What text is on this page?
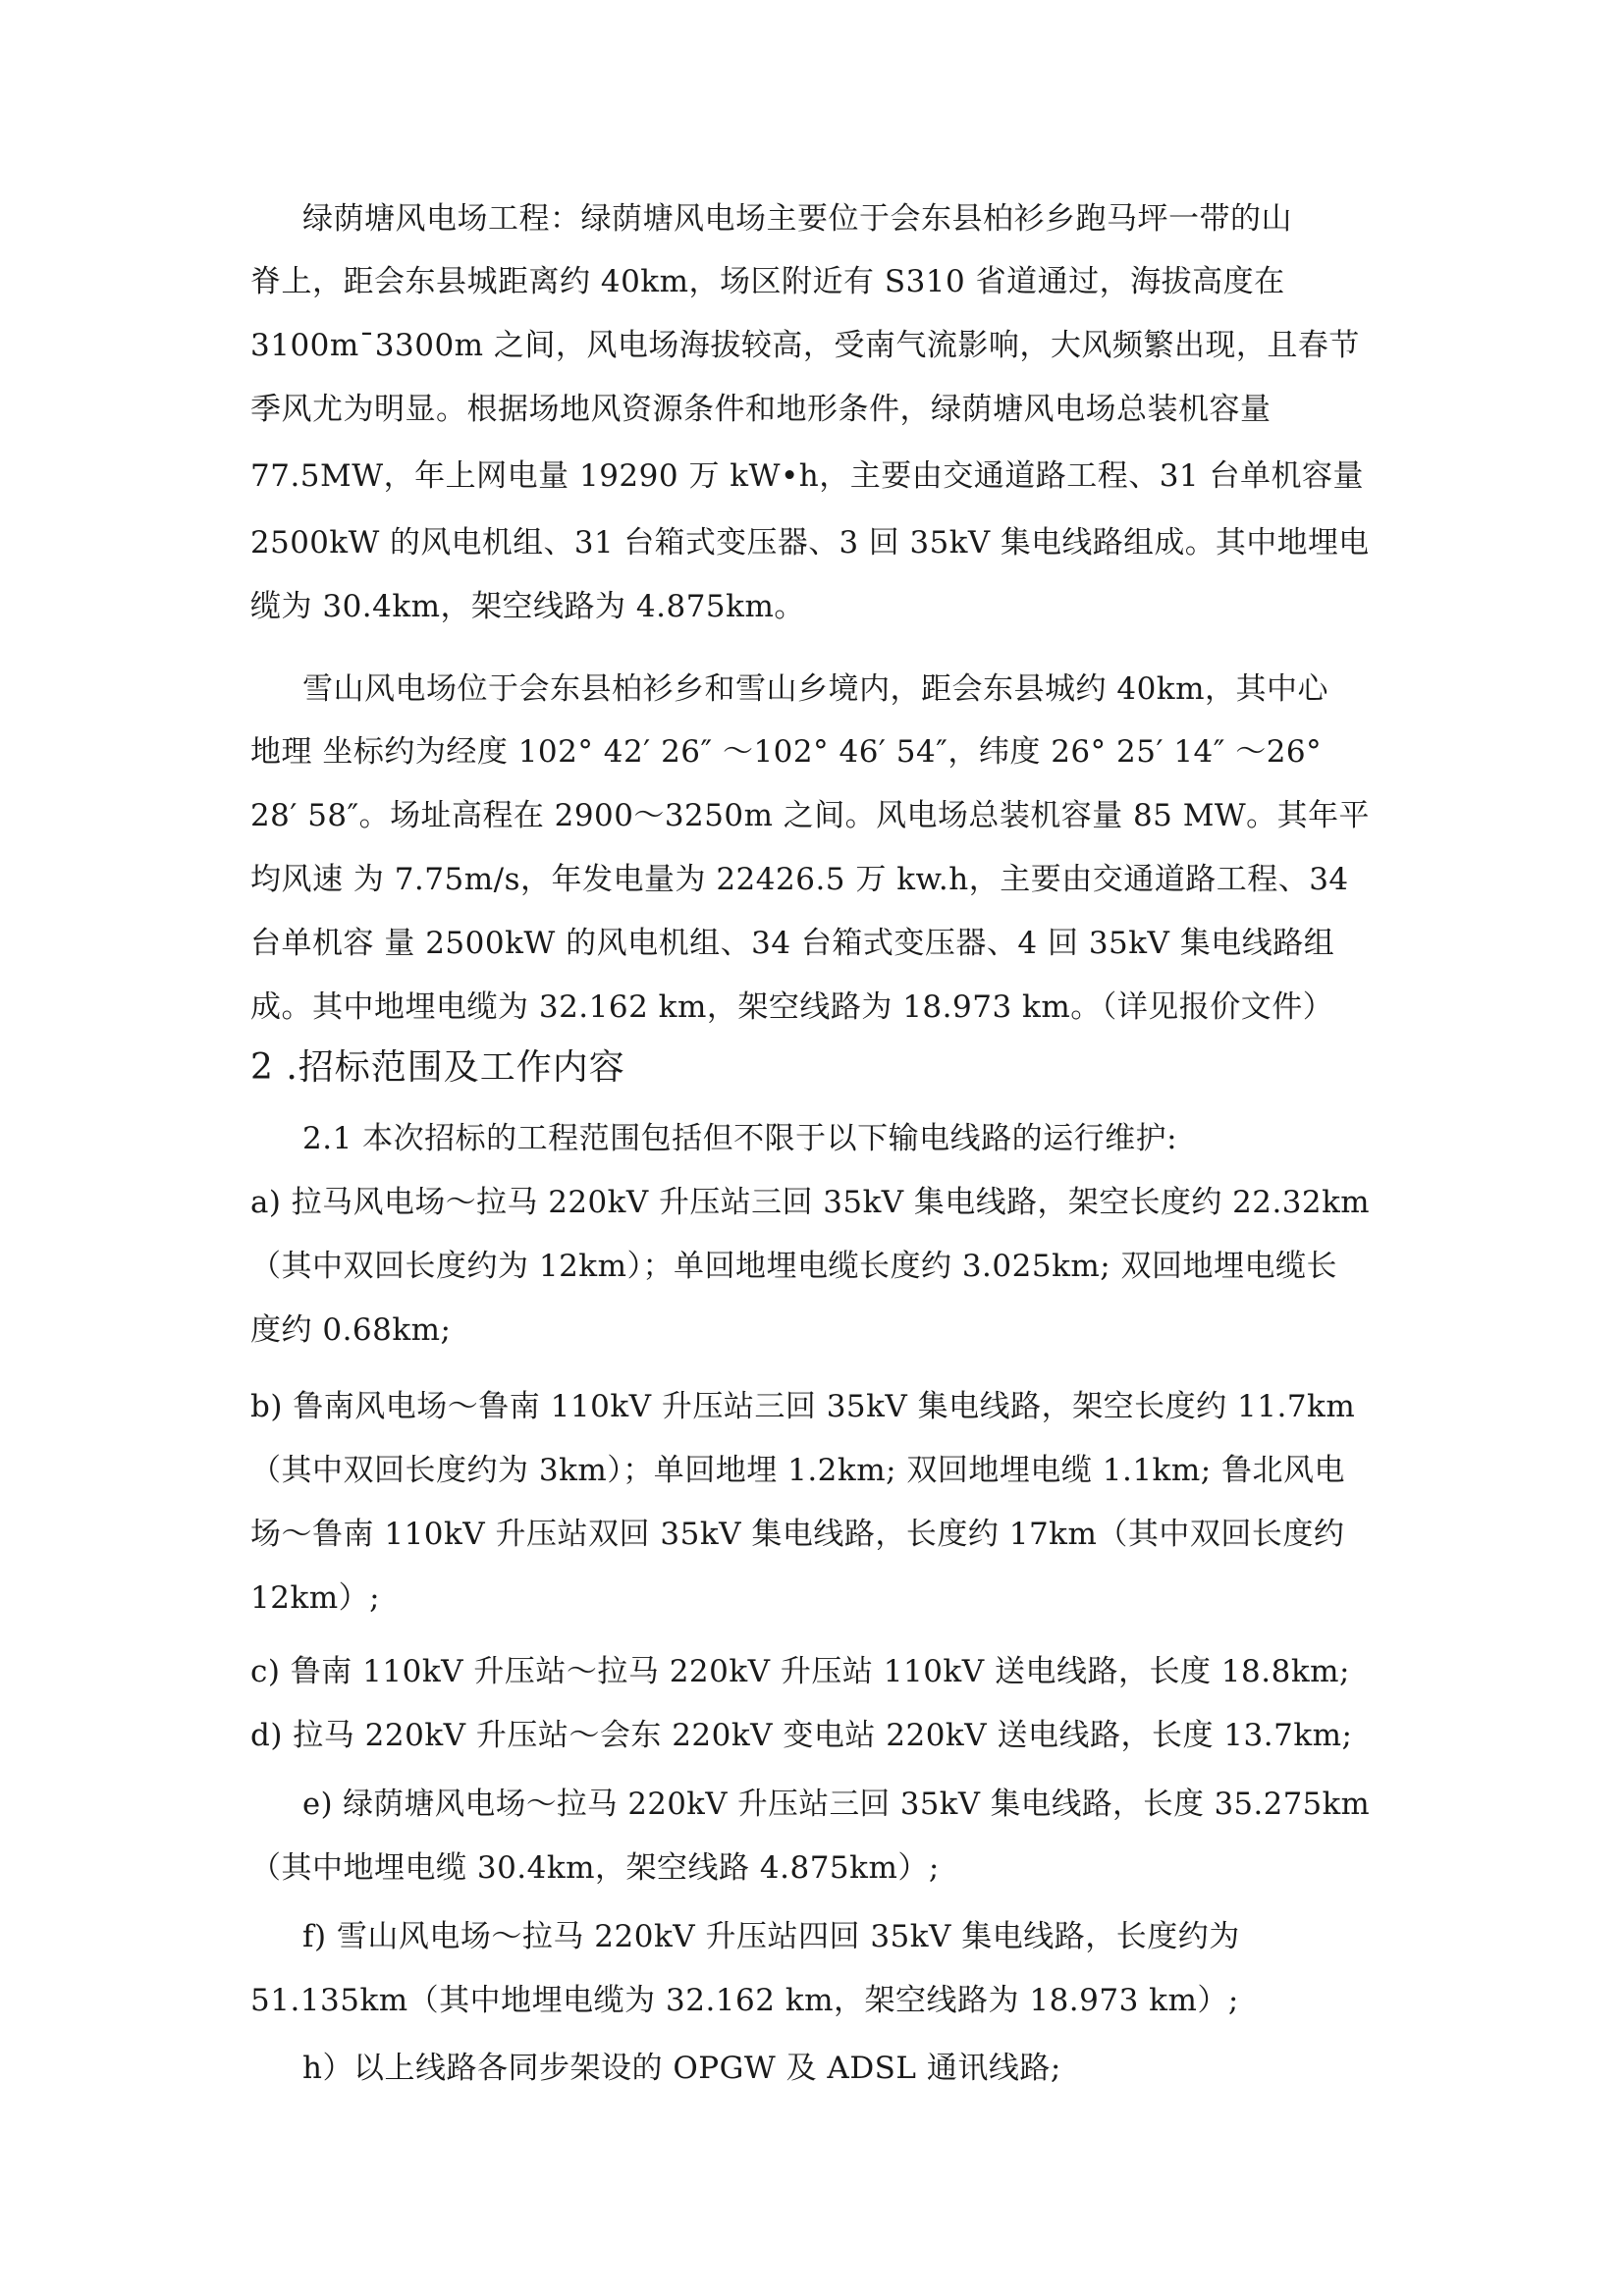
绿荫塘风电场工程：绿荫塘风电场主要位于会东县柏衫乡跑马坪一带的山
脊上，距会东县城距离约 40km，场区附近有 S310 省道通过，海拔高度在
3100m¯3300m 之间，风电场海拔较高，受南气流影响，大风频繁出现，且春节
季风尤为明显。根据场地风资源条件和地形条件，绿荫塘风电场总装机容量
77.5MW，年上网电量 19290 万 kW•h，主要由交通道路工程、31 台单机容量
2500kW 的风电机组、31 台箱式变压器、3 回 35kV 集电线路组成。其中地埋电
缆为 30.4km，架空线路为 4.875km。
雪山风电场位于会东县柏衫乡和雪山乡境内，距会东县城约 40km，其中心
地理 坐标约为经度 102° 42′ 26″ ～102° 46′ 54″，纬度 26° 25′ 14″ ～26°
28′ 58″。场址高程在 2900～3250m 之间。风电场总装机容量 85 MW。其年平
均风速 为 7.75m/s，年发电量为 22426.5 万 kw.h，主要由交通道路工程、34
台单机容 量 2500kW 的风电机组、34 台箱式变压器、4 回 35kV 集电线路组
成。其中地埋电缆为 32.162 km，架空线路为 18.973 km。（详见报价文件）
2 .招标范围及工作内容
2.1 本次招标的工程范围包括但不限于以下输电线路的运行维护:
a) 拉马风电场～拉马 220kV 升压站三回 35kV 集电线路，架空长度约 22.32km
（其中双回长度约为 12km）；单回地埋电缆长度约 3.025km; 双回地埋电缆长
度约 0.68km;
b) 鲁南风电场～鲁南 110kV 升压站三回 35kV 集电线路，架空长度约 11.7km
（其中双回长度约为 3km）；单回地埋 1.2km; 双回地埋电缆 1.1km; 鲁北风电
场～鲁南 110kV 升压站双回 35kV 集电线路，长度约 17km（其中双回长度约
12km）;
c) 鲁南 110kV 升压站～拉马 220kV 升压站 110kV 送电线路，长度 18.8km;
d) 拉马 220kV 升压站～会东 220kV 变电站 220kV 送电线路，长度 13.7km;
e) 绿荫塘风电场～拉马 220kV 升压站三回 35kV 集电线路，长度 35.275km
（其中地埋电缆 30.4km，架空线路 4.875km）;
f) 雪山风电场～拉马 220kV 升压站四回 35kV 集电线路，长度约为
51.135km（其中地埋电缆为 32.162 km，架空线路为 18.973 km）;
h）以上线路各同步架设的 OPGW 及 ADSL 通讯线路;
